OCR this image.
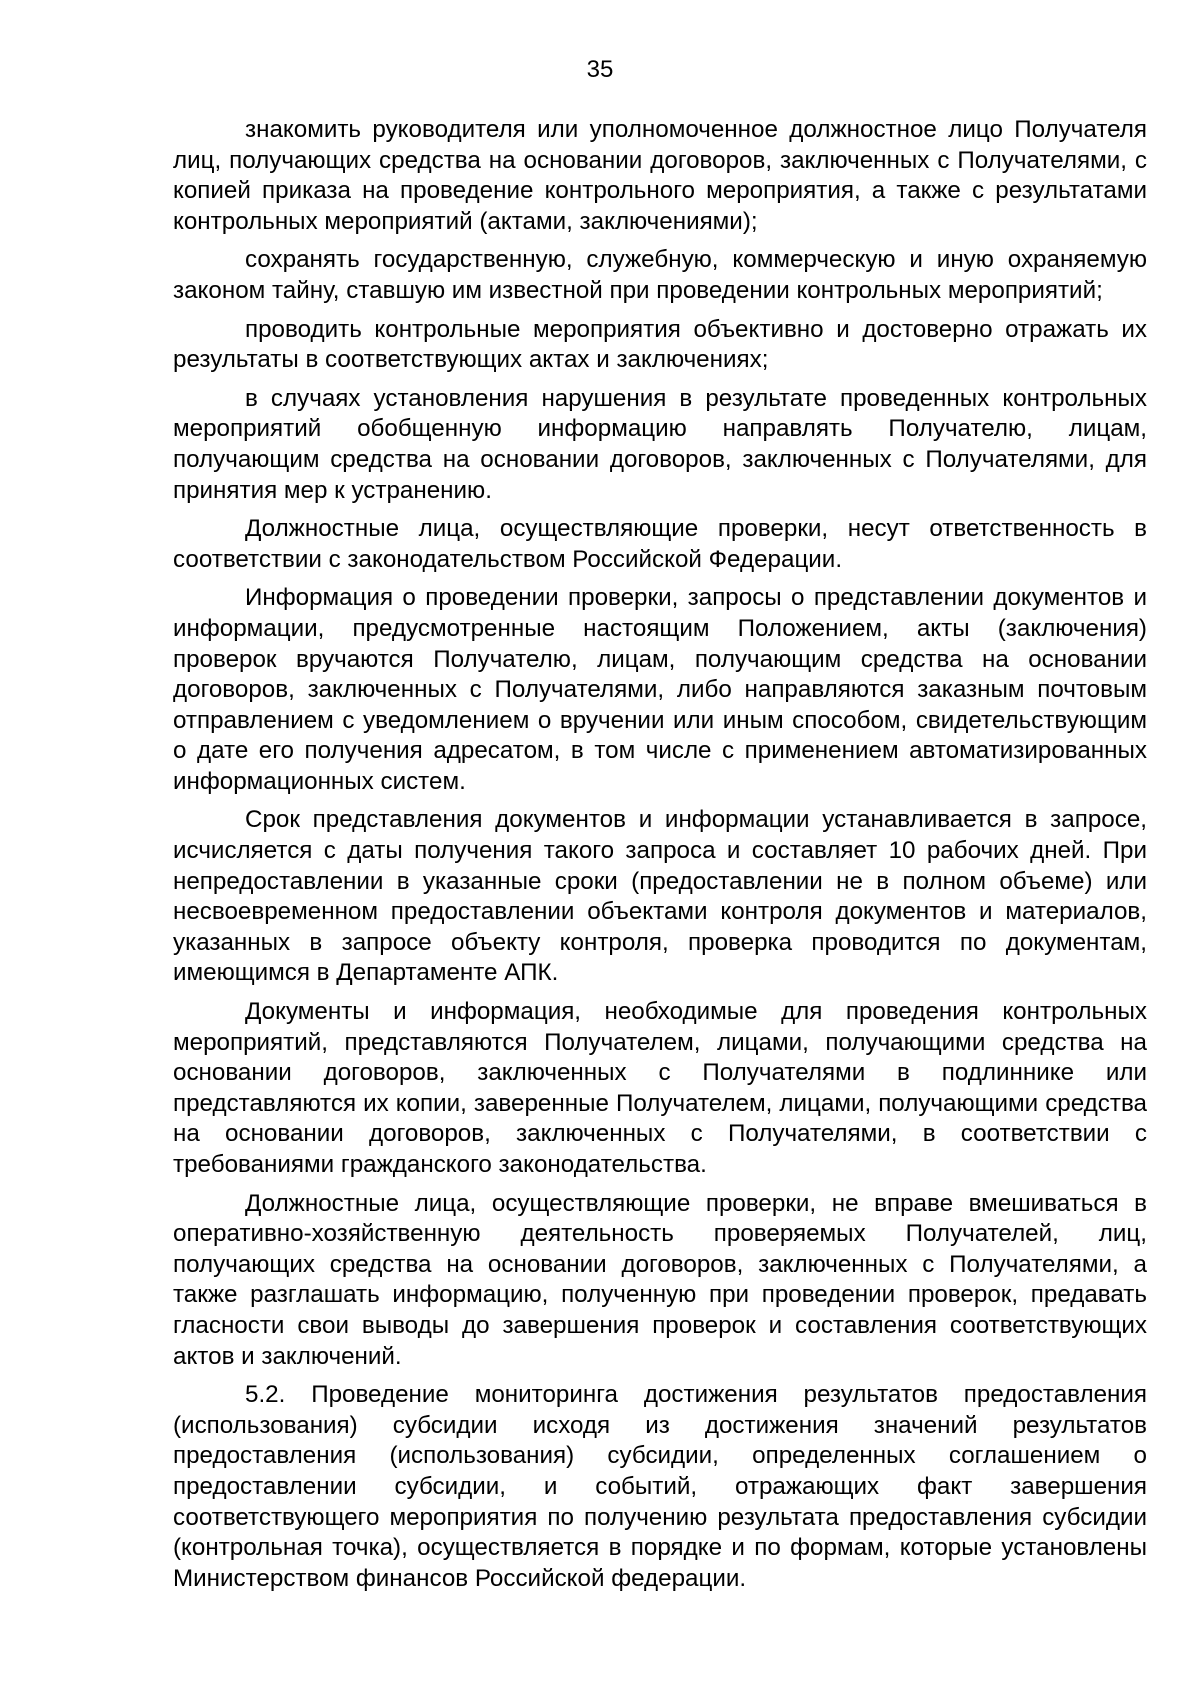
35

знакомить руководителя или уполномоченное должностное лицо Получателя лиц, получающих средства на основании договоров, заключенных с Получателями, с копией приказа на проведение контрольного мероприятия, а также с результатами контрольных мероприятий (актами, заключениями);

сохранять государственную, служебную, коммерческую и иную охраняемую законом тайну, ставшую им известной при проведении контрольных мероприятий;

проводить контрольные мероприятия объективно и достоверно отражать их результаты в соответствующих актах и заключениях;

в случаях установления нарушения в результате проведенных контрольных мероприятий обобщенную информацию направлять Получателю, лицам, получающим средства на основании договоров, заключенных с Получателями, для принятия мер к устранению.

Должностные лица, осуществляющие проверки, несут ответственность в соответствии с законодательством Российской Федерации.

Информация о проведении проверки, запросы о представлении документов и информации, предусмотренные настоящим Положением, акты (заключения) проверок вручаются Получателю, лицам, получающим средства на основании договоров, заключенных с Получателями, либо направляются заказным почтовым отправлением с уведомлением о вручении или иным способом, свидетельствующим о дате его получения адресатом, в том числе с применением автоматизированных информационных систем.

Срок представления документов и информации устанавливается в запросе, исчисляется с даты получения такого запроса и составляет 10 рабочих дней. При непредоставлении в указанные сроки (предоставлении не в полном объеме) или несвоевременном предоставлении объектами контроля документов и материалов, указанных в запросе объекту контроля, проверка проводится по документам, имеющимся в Департаменте АПК.

Документы и информация, необходимые для проведения контрольных мероприятий, представляются Получателем, лицами, получающими средства на основании договоров, заключенных с Получателями в подлиннике или представляются их копии, заверенные Получателем, лицами, получающими средства на основании договоров, заключенных с Получателями, в соответствии с требованиями гражданского законодательства.

Должностные лица, осуществляющие проверки, не вправе вмешиваться в оперативно-хозяйственную деятельность проверяемых Получателей, лиц, получающих средства на основании договоров, заключенных с Получателями, а также разглашать информацию, полученную при проведении проверок, предавать гласности свои выводы до завершения проверок и составления соответствующих актов и заключений.

5.2. Проведение мониторинга достижения результатов предоставления (использования) субсидии исходя из достижения значений результатов предоставления (использования) субсидии, определенных соглашением о предоставлении субсидии, и событий, отражающих факт завершения соответствующего мероприятия по получению результата предоставления субсидии (контрольная точка), осуществляется в порядке и по формам, которые установлены Министерством финансов Российской федерации.
